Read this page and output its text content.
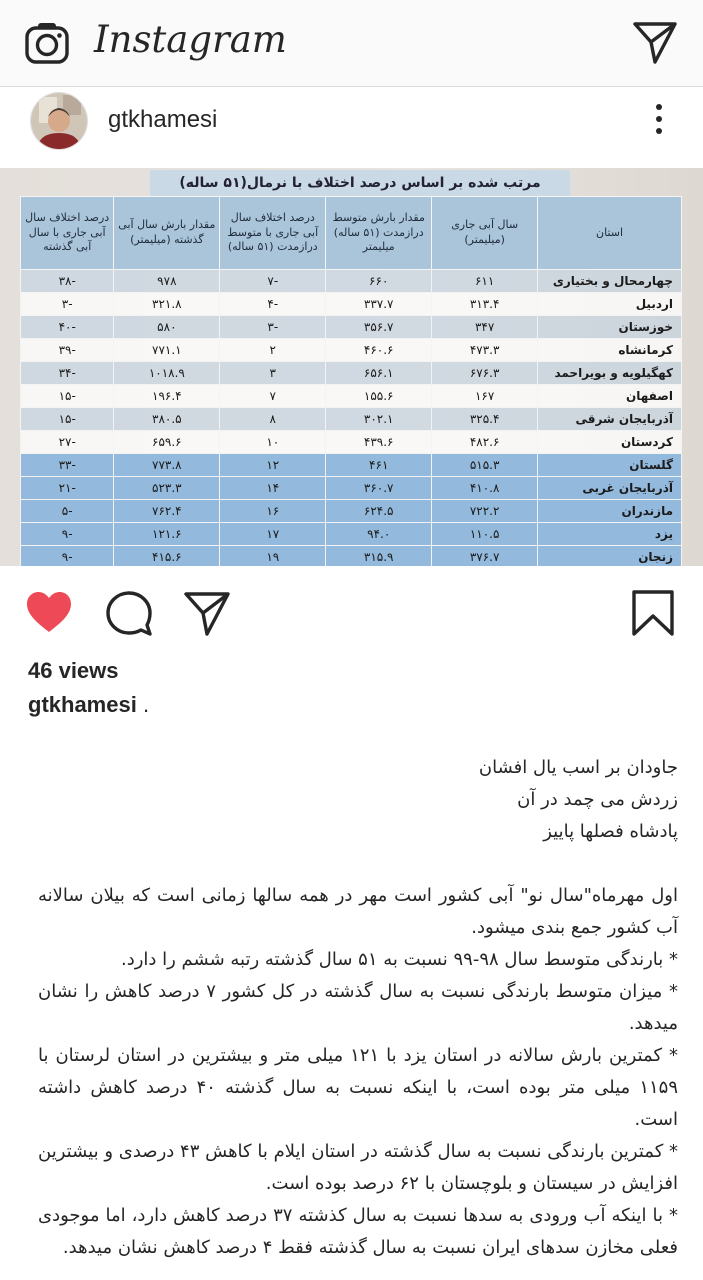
Instagram
gtkhamesi
مرتب شده بر اساس درصد اختلاف با نرمال(۵۱ ساله)
استان	سال آبی جاری (میلیمتر)	مقدار بارش متوسط درازمدت (۵۱ ساله) میلیمتر	درصد اختلاف سال آبی جاری با متوسط درازمدت (۵۱ ساله)	مقدار بارش سال آبی گذشته (میلیمتر)	درصد اختلاف سال آبی جاری با سال آبی گذشته
چهارمحال و بختیاری	۶۱۱	۶۶۰	-۷	۹۷۸	-۳۸
اردبیل	۳۱۳.۴	۳۳۷.۷	-۴	۳۲۱.۸	-۳
خوزستان	۳۴۷	۳۵۶.۷	-۳	۵۸۰	-۴۰
کرمانشاه	۴۷۳.۳	۴۶۰.۶	۲	۷۷۱.۱	-۳۹
کهگیلویه و بویراحمد	۶۷۶.۳	۶۵۶.۱	۳	۱۰۱۸.۹	-۳۴
اصفهان	۱۶۷	۱۵۵.۶	۷	۱۹۶.۴	-۱۵
آذربایجان شرقی	۳۲۵.۴	۳۰۲.۱	۸	۳۸۰.۵	-۱۵
کردستان	۴۸۲.۶	۴۳۹.۶	۱۰	۶۵۹.۶	-۲۷
گلستان	۵۱۵.۳	۴۶۱	۱۲	۷۷۳.۸	-۳۳
آذربایجان غربی	۴۱۰.۸	۳۶۰.۷	۱۴	۵۲۳.۳	-۲۱
مازندران	۷۲۲.۲	۶۲۴.۵	۱۶	۷۶۲.۴	-۵
یزد	۱۱۰.۵	۹۴.۰	۱۷	۱۲۱.۶	-۹
زنجان	۳۷۶.۷	۳۱۵.۹	۱۹	۴۱۵.۶	-۹
46 views
gtkhamesi .

جاودان بر اسب یال افشان

زردش می چمد در آن

پادشاه فصلها پاییز

اول مهرماه"سال نو" آبی کشور است مهر در همه سالها زمانی است که بیلان سالانه آب کشور جمع بندی میشود.

* بارندگی متوسط سال ۹۸-۹۹ نسبت به ۵۱ سال گذشته رتبه ششم را دارد.

* میزان متوسط بارندگی نسبت به سال گذشته در کل کشور ۷ درصد کاهش را نشان میدهد.

* کمترین بارش سالانه در استان یزد با ۱۲۱ میلی متر و بیشترین در استان لرستان با ۱۱۵۹ میلی متر بوده است، با اینکه نسبت به سال گذشته ۴۰ درصد کاهش داشته است.

* کمترین بارندگی نسبت به سال گذشته در استان ایلام با کاهش ۴۳ درصدی و بیشترین افزایش در سیستان و بلوچستان با ۶۲ درصد بوده است.

* با اینکه آب ورودی به سدها نسبت به سال کذشته ۳۷ درصد کاهش دارد، اما موجودی فعلی مخازن سدهای ایران نسبت به سال گذشته فقط ۴ درصد کاهش نشان میدهد.
